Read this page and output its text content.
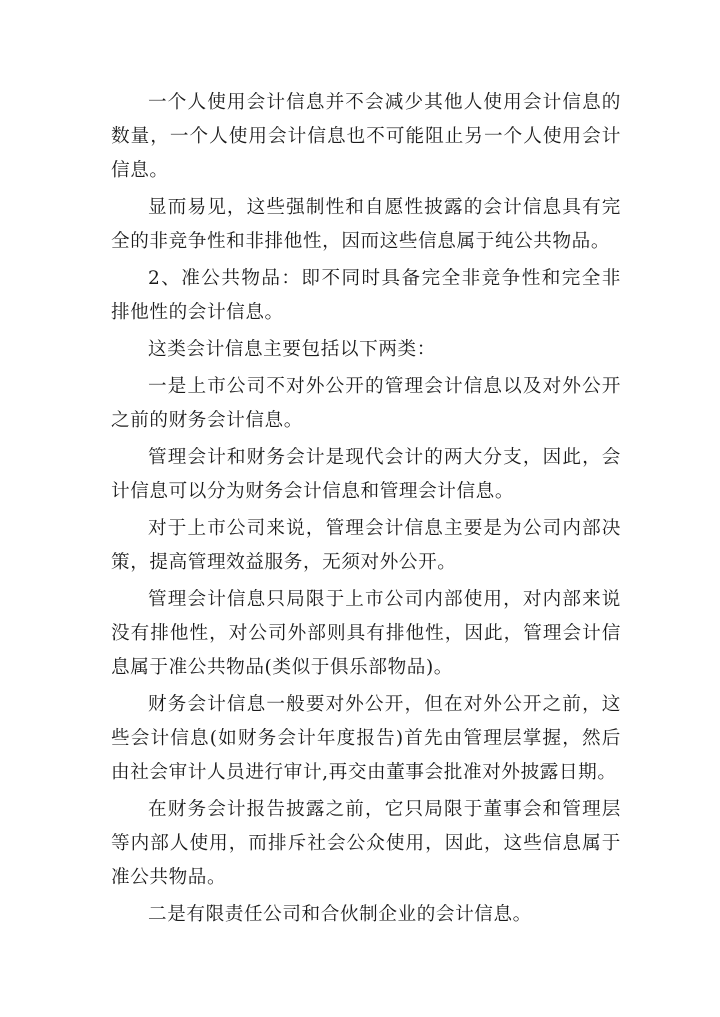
一个人使用会计信息并不会减少其他人使用会计信息的数量，一个人使用会计信息也不可能阻止另一个人使用会计信息。

显而易见，这些强制性和自愿性披露的会计信息具有完全的非竞争性和非排他性，因而这些信息属于纯公共物品。

2、准公共物品：即不同时具备完全非竞争性和完全非排他性的会计信息。

这类会计信息主要包括以下两类：

一是上市公司不对外公开的管理会计信息以及对外公开之前的财务会计信息。

管理会计和财务会计是现代会计的两大分支，因此，会计信息可以分为财务会计信息和管理会计信息。

对于上市公司来说，管理会计信息主要是为公司内部决策，提高管理效益服务，无须对外公开。

管理会计信息只局限于上市公司内部使用，对内部来说没有排他性，对公司外部则具有排他性，因此，管理会计信息属于准公共物品(类似于俱乐部物品)。

财务会计信息一般要对外公开，但在对外公开之前，这些会计信息(如财务会计年度报告)首先由管理层掌握，然后由社会审计人员进行审计,再交由董事会批准对外披露日期。

在财务会计报告披露之前，它只局限于董事会和管理层等内部人使用，而排斥社会公众使用，因此，这些信息属于准公共物品。

二是有限责任公司和合伙制企业的会计信息。
